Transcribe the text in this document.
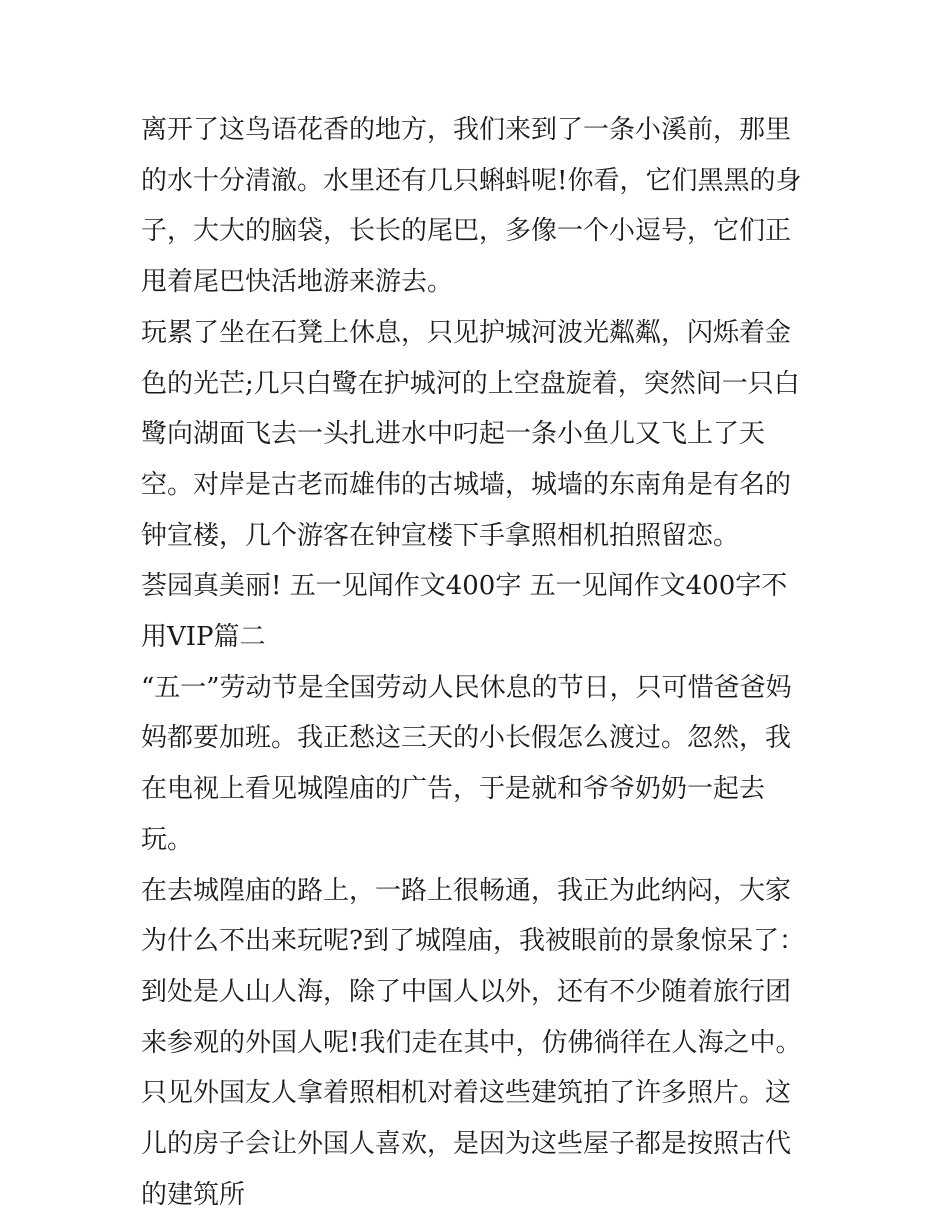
离开了这鸟语花香的地方，我们来到了一条小溪前，那里的水十分清澈。水里还有几只蝌蚪呢!你看，它们黑黑的身子，大大的脑袋，长长的尾巴，多像一个小逗号，它们正甩着尾巴快活地游来游去。

玩累了坐在石凳上休息，只见护城河波光粼粼，闪烁着金色的光芒;几只白鹭在护城河的上空盘旋着，突然间一只白鹭向湖面飞去一头扎进水中叼起一条小鱼儿又飞上了天空。对岸是古老而雄伟的古城墙，城墙的东南角是有名的钟宣楼，几个游客在钟宣楼下手拿照相机拍照留恋。

荟园真美丽! 五一见闻作文400字 五一见闻作文400字不用VIP篇二

“五一”劳动节是全国劳动人民休息的节日，只可惜爸爸妈妈都要加班。我正愁这三天的小长假怎么渡过。忽然，我在电视上看见城隍庙的广告，于是就和爷爷奶奶一起去玩。

在去城隍庙的路上，一路上很畅通，我正为此纳闷，大家为什么不出来玩呢?到了城隍庙，我被眼前的景象惊呆了：到处是人山人海，除了中国人以外，还有不少随着旅行团来参观的外国人呢!我们走在其中，仿佛徜徉在人海之中。

只见外国友人拿着照相机对着这些建筑拍了许多照片。这儿的房子会让外国人喜欢，是因为这些屋子都是按照古代的建筑所
